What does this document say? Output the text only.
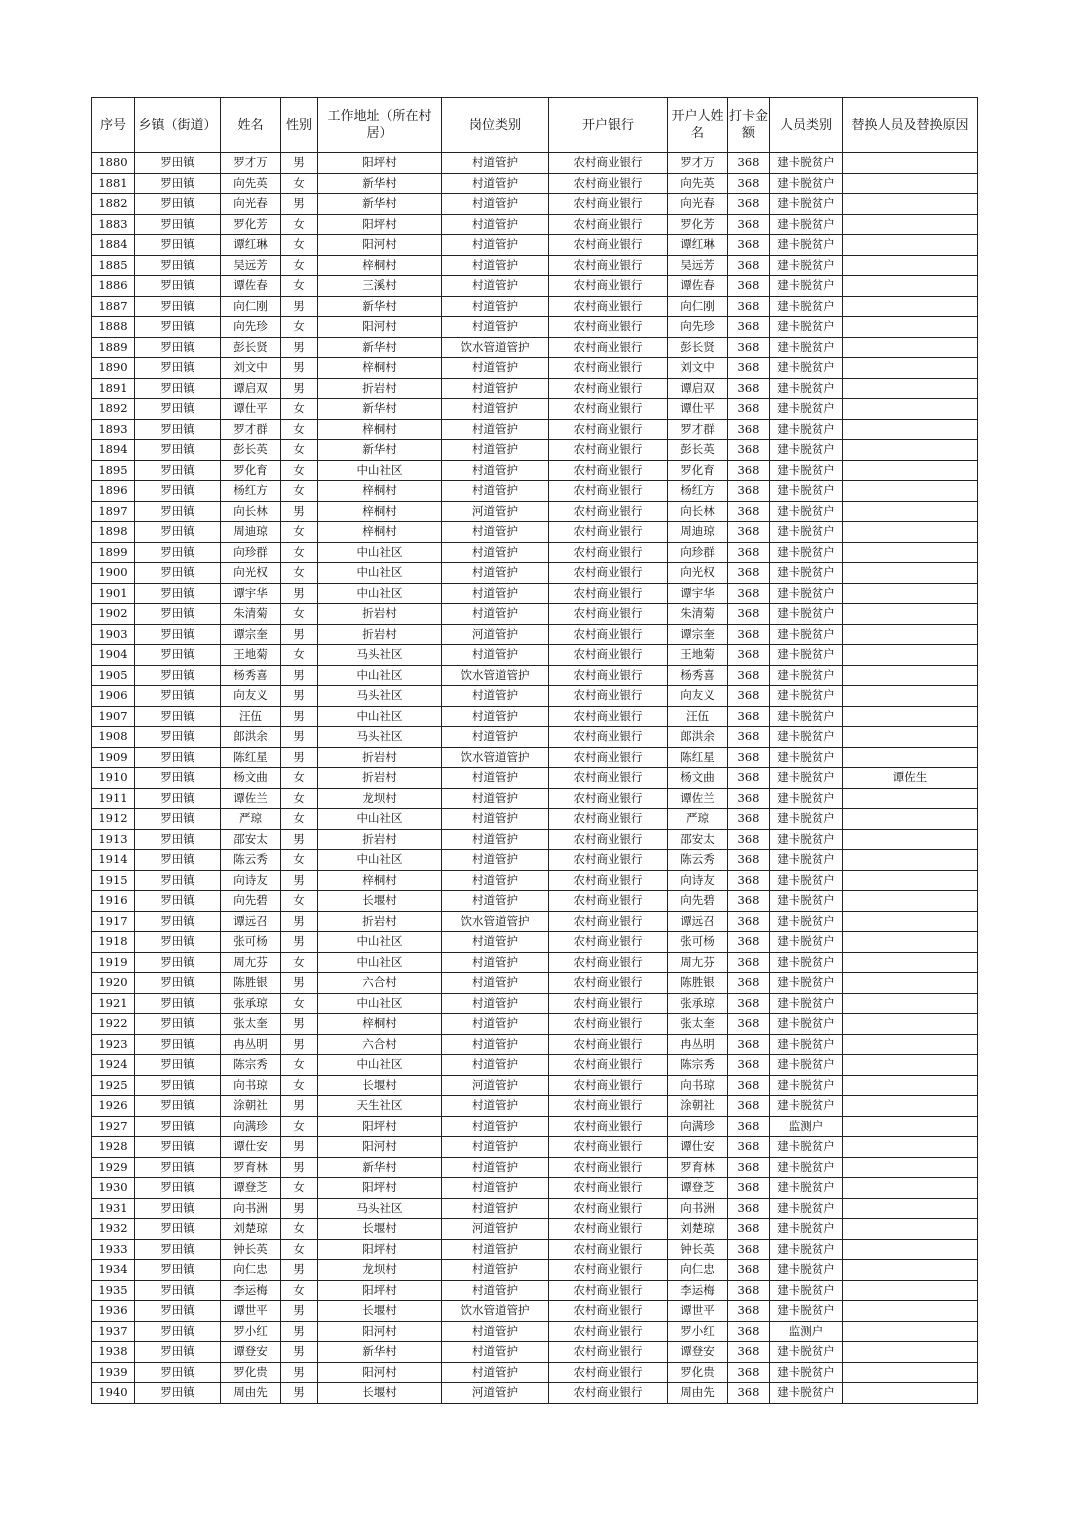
序号	乡镇（街道）	姓名	性别	工作地址（所在村居）	岗位类别	开户银行	开户人姓名	打卡金额	人员类别	替换人员及替换原因
1880	罗田镇	罗才万	男	阳坪村	村道管护	农村商业银行	罗才万	368	建卡脱贫户	
1881	罗田镇	向先英	女	新华村	村道管护	农村商业银行	向先英	368	建卡脱贫户	
1882	罗田镇	向光春	男	新华村	村道管护	农村商业银行	向光春	368	建卡脱贫户	
1883	罗田镇	罗化芳	女	阳坪村	村道管护	农村商业银行	罗化芳	368	建卡脱贫户	
1884	罗田镇	谭红琳	女	阳河村	村道管护	农村商业银行	谭红琳	368	建卡脱贫户	
1885	罗田镇	吴远芳	女	梓桐村	村道管护	农村商业银行	吴远芳	368	建卡脱贫户	
1886	罗田镇	谭佐春	女	三溪村	村道管护	农村商业银行	谭佐春	368	建卡脱贫户	
1887	罗田镇	向仁刚	男	新华村	村道管护	农村商业银行	向仁刚	368	建卡脱贫户	
1888	罗田镇	向先珍	女	阳河村	村道管护	农村商业银行	向先珍	368	建卡脱贫户	
1889	罗田镇	彭长贤	男	新华村	饮水管道管护	农村商业银行	彭长贤	368	建卡脱贫户	
1890	罗田镇	刘文中	男	梓桐村	村道管护	农村商业银行	刘文中	368	建卡脱贫户	
1891	罗田镇	谭启双	男	折岩村	村道管护	农村商业银行	谭启双	368	建卡脱贫户	
1892	罗田镇	谭仕平	女	新华村	村道管护	农村商业银行	谭仕平	368	建卡脱贫户	
1893	罗田镇	罗才群	女	梓桐村	村道管护	农村商业银行	罗才群	368	建卡脱贫户	
1894	罗田镇	彭长英	女	新华村	村道管护	农村商业银行	彭长英	368	建卡脱贫户	
1895	罗田镇	罗化育	女	中山社区	村道管护	农村商业银行	罗化育	368	建卡脱贫户	
1896	罗田镇	杨红方	女	梓桐村	村道管护	农村商业银行	杨红方	368	建卡脱贫户	
1897	罗田镇	向长林	男	梓桐村	河道管护	农村商业银行	向长林	368	建卡脱贫户	
1898	罗田镇	周迪琼	女	梓桐村	村道管护	农村商业银行	周迪琼	368	建卡脱贫户	
1899	罗田镇	向珍群	女	中山社区	村道管护	农村商业银行	向珍群	368	建卡脱贫户	
1900	罗田镇	向光权	女	中山社区	村道管护	农村商业银行	向光权	368	建卡脱贫户	
1901	罗田镇	谭宇华	男	中山社区	村道管护	农村商业银行	谭宇华	368	建卡脱贫户	
1902	罗田镇	朱清菊	女	折岩村	村道管护	农村商业银行	朱清菊	368	建卡脱贫户	
1903	罗田镇	谭宗奎	男	折岩村	河道管护	农村商业银行	谭宗奎	368	建卡脱贫户	
1904	罗田镇	王地菊	女	马头社区	村道管护	农村商业银行	王地菊	368	建卡脱贫户	
1905	罗田镇	杨秀喜	男	中山社区	饮水管道管护	农村商业银行	杨秀喜	368	建卡脱贫户	
1906	罗田镇	向友义	男	马头社区	村道管护	农村商业银行	向友义	368	建卡脱贫户	
1907	罗田镇	汪伍	男	中山社区	村道管护	农村商业银行	汪伍	368	建卡脱贫户	
1908	罗田镇	郎洪余	男	马头社区	村道管护	农村商业银行	郎洪余	368	建卡脱贫户	
1909	罗田镇	陈红星	男	折岩村	饮水管道管护	农村商业银行	陈红星	368	建卡脱贫户	
1910	罗田镇	杨文曲	女	折岩村	村道管护	农村商业银行	杨文曲	368	建卡脱贫户	谭佐生
1911	罗田镇	谭佐兰	女	龙坝村	村道管护	农村商业银行	谭佐兰	368	建卡脱贫户	
1912	罗田镇	严琼	女	中山社区	村道管护	农村商业银行	严琼	368	建卡脱贫户	
1913	罗田镇	邵安太	男	折岩村	村道管护	农村商业银行	邵安太	368	建卡脱贫户	
1914	罗田镇	陈云秀	女	中山社区	村道管护	农村商业银行	陈云秀	368	建卡脱贫户	
1915	罗田镇	向诗友	男	梓桐村	村道管护	农村商业银行	向诗友	368	建卡脱贫户	
1916	罗田镇	向先碧	女	长堰村	村道管护	农村商业银行	向先碧	368	建卡脱贫户	
1917	罗田镇	谭远召	男	折岩村	饮水管道管护	农村商业银行	谭远召	368	建卡脱贫户	
1918	罗田镇	张可杨	男	中山社区	村道管护	农村商业银行	张可杨	368	建卡脱贫户	
1919	罗田镇	周尢芬	女	中山社区	村道管护	农村商业银行	周尢芬	368	建卡脱贫户	
1920	罗田镇	陈胜银	男	六合村	村道管护	农村商业银行	陈胜银	368	建卡脱贫户	
1921	罗田镇	张承琼	女	中山社区	村道管护	农村商业银行	张承琼	368	建卡脱贫户	
1922	罗田镇	张太奎	男	梓桐村	村道管护	农村商业银行	张太奎	368	建卡脱贫户	
1923	罗田镇	冉丛明	男	六合村	村道管护	农村商业银行	冉丛明	368	建卡脱贫户	
1924	罗田镇	陈宗秀	女	中山社区	村道管护	农村商业银行	陈宗秀	368	建卡脱贫户	
1925	罗田镇	向书琼	女	长堰村	河道管护	农村商业银行	向书琼	368	建卡脱贫户	
1926	罗田镇	涂朝社	男	天生社区	村道管护	农村商业银行	涂朝社	368	建卡脱贫户	
1927	罗田镇	向满珍	女	阳坪村	村道管护	农村商业银行	向满珍	368	监测户	
1928	罗田镇	谭仕安	男	阳河村	村道管护	农村商业银行	谭仕安	368	建卡脱贫户	
1929	罗田镇	罗育林	男	新华村	村道管护	农村商业银行	罗育林	368	建卡脱贫户	
1930	罗田镇	谭登芝	女	阳坪村	村道管护	农村商业银行	谭登芝	368	建卡脱贫户	
1931	罗田镇	向书洲	男	马头社区	村道管护	农村商业银行	向书洲	368	建卡脱贫户	
1932	罗田镇	刘楚琼	女	长堰村	河道管护	农村商业银行	刘楚琼	368	建卡脱贫户	
1933	罗田镇	钟长英	女	阳坪村	村道管护	农村商业银行	钟长英	368	建卡脱贫户	
1934	罗田镇	向仁忠	男	龙坝村	村道管护	农村商业银行	向仁忠	368	建卡脱贫户	
1935	罗田镇	李运梅	女	阳坪村	村道管护	农村商业银行	李运梅	368	建卡脱贫户	
1936	罗田镇	谭世平	男	长堰村	饮水管道管护	农村商业银行	谭世平	368	建卡脱贫户	
1937	罗田镇	罗小红	男	阳河村	村道管护	农村商业银行	罗小红	368	监测户	
1938	罗田镇	谭登安	男	新华村	村道管护	农村商业银行	谭登安	368	建卡脱贫户	
1939	罗田镇	罗化贵	男	阳河村	村道管护	农村商业银行	罗化贵	368	建卡脱贫户	
1940	罗田镇	周由先	男	长堰村	河道管护	农村商业银行	周由先	368	建卡脱贫户	
